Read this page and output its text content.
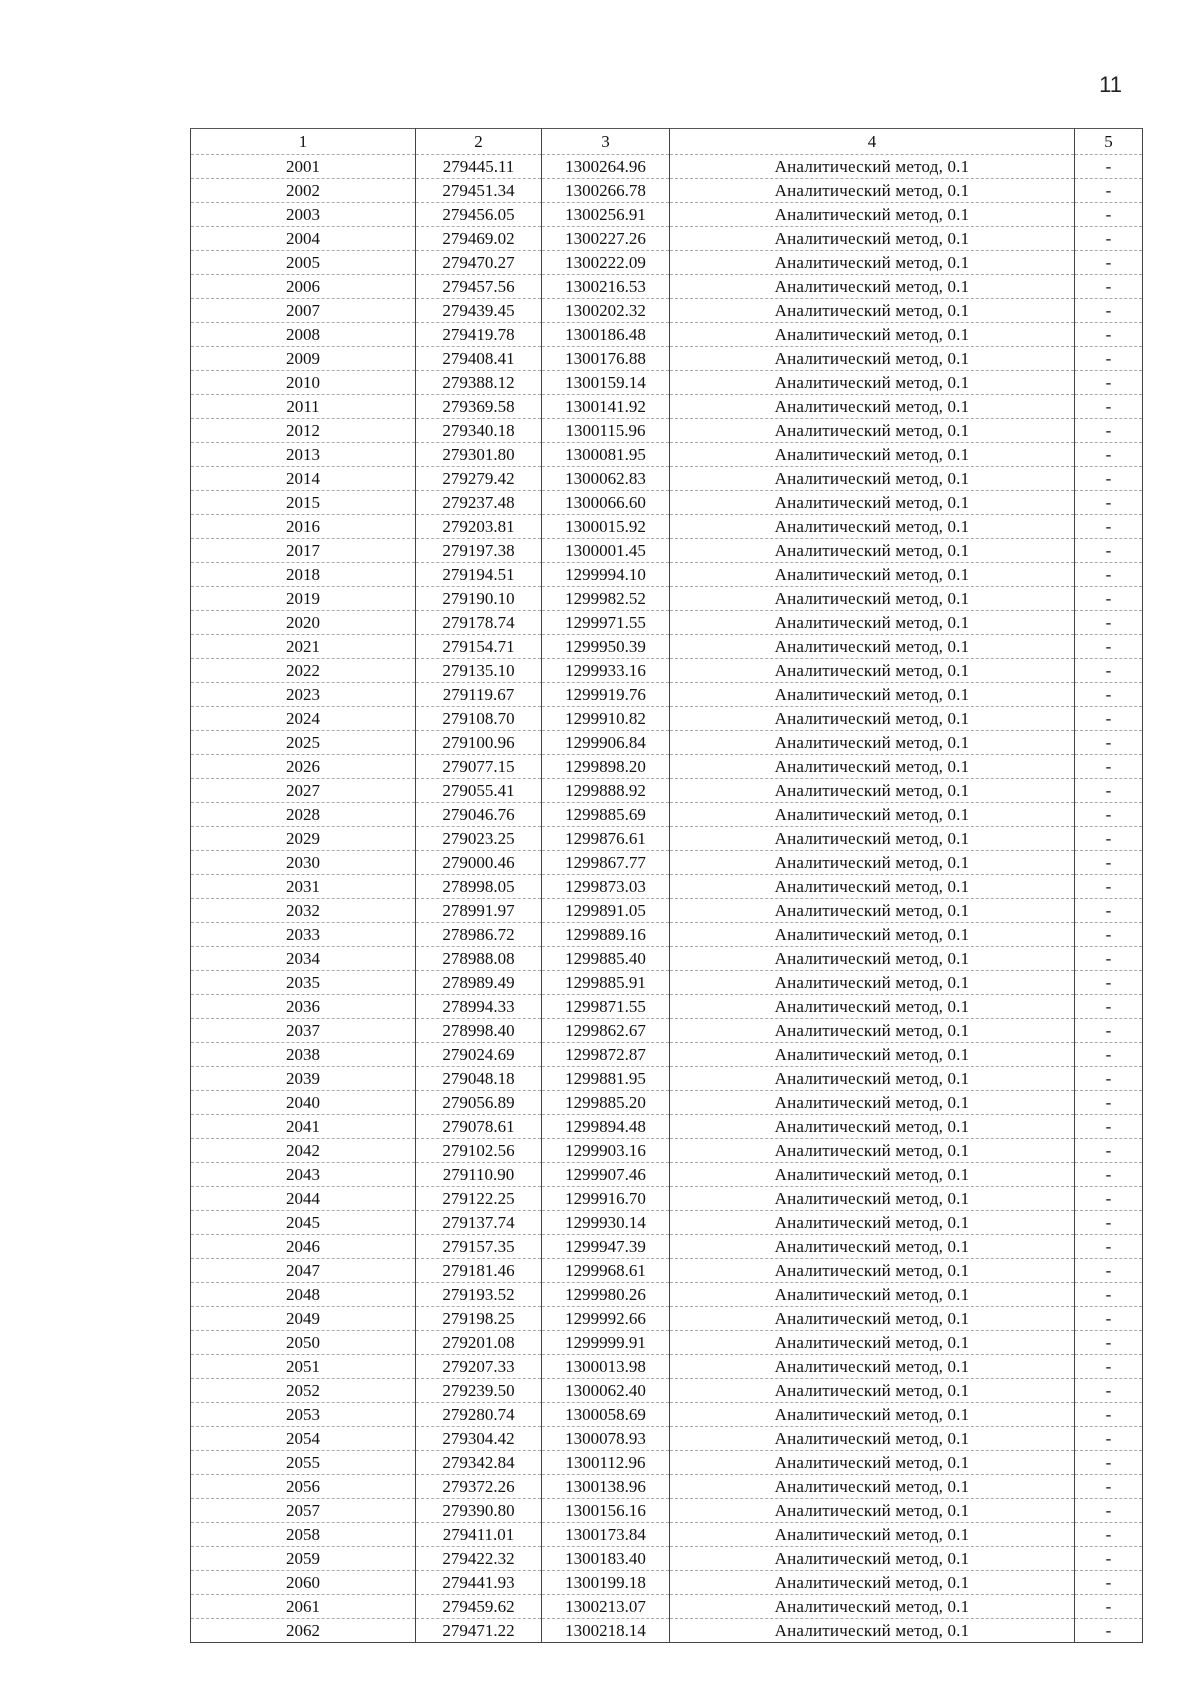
11
1	2	3	4	5
2001	279445.11	1300264.96	Аналитический метод, 0.1	-
2002	279451.34	1300266.78	Аналитический метод, 0.1	-
2003	279456.05	1300256.91	Аналитический метод, 0.1	-
2004	279469.02	1300227.26	Аналитический метод, 0.1	-
2005	279470.27	1300222.09	Аналитический метод, 0.1	-
2006	279457.56	1300216.53	Аналитический метод, 0.1	-
2007	279439.45	1300202.32	Аналитический метод, 0.1	-
2008	279419.78	1300186.48	Аналитический метод, 0.1	-
2009	279408.41	1300176.88	Аналитический метод, 0.1	-
2010	279388.12	1300159.14	Аналитический метод, 0.1	-
2011	279369.58	1300141.92	Аналитический метод, 0.1	-
2012	279340.18	1300115.96	Аналитический метод, 0.1	-
2013	279301.80	1300081.95	Аналитический метод, 0.1	-
2014	279279.42	1300062.83	Аналитический метод, 0.1	-
2015	279237.48	1300066.60	Аналитический метод, 0.1	-
2016	279203.81	1300015.92	Аналитический метод, 0.1	-
2017	279197.38	1300001.45	Аналитический метод, 0.1	-
2018	279194.51	1299994.10	Аналитический метод, 0.1	-
2019	279190.10	1299982.52	Аналитический метод, 0.1	-
2020	279178.74	1299971.55	Аналитический метод, 0.1	-
2021	279154.71	1299950.39	Аналитический метод, 0.1	-
2022	279135.10	1299933.16	Аналитический метод, 0.1	-
2023	279119.67	1299919.76	Аналитический метод, 0.1	-
2024	279108.70	1299910.82	Аналитический метод, 0.1	-
2025	279100.96	1299906.84	Аналитический метод, 0.1	-
2026	279077.15	1299898.20	Аналитический метод, 0.1	-
2027	279055.41	1299888.92	Аналитический метод, 0.1	-
2028	279046.76	1299885.69	Аналитический метод, 0.1	-
2029	279023.25	1299876.61	Аналитический метод, 0.1	-
2030	279000.46	1299867.77	Аналитический метод, 0.1	-
2031	278998.05	1299873.03	Аналитический метод, 0.1	-
2032	278991.97	1299891.05	Аналитический метод, 0.1	-
2033	278986.72	1299889.16	Аналитический метод, 0.1	-
2034	278988.08	1299885.40	Аналитический метод, 0.1	-
2035	278989.49	1299885.91	Аналитический метод, 0.1	-
2036	278994.33	1299871.55	Аналитический метод, 0.1	-
2037	278998.40	1299862.67	Аналитический метод, 0.1	-
2038	279024.69	1299872.87	Аналитический метод, 0.1	-
2039	279048.18	1299881.95	Аналитический метод, 0.1	-
2040	279056.89	1299885.20	Аналитический метод, 0.1	-
2041	279078.61	1299894.48	Аналитический метод, 0.1	-
2042	279102.56	1299903.16	Аналитический метод, 0.1	-
2043	279110.90	1299907.46	Аналитический метод, 0.1	-
2044	279122.25	1299916.70	Аналитический метод, 0.1	-
2045	279137.74	1299930.14	Аналитический метод, 0.1	-
2046	279157.35	1299947.39	Аналитический метод, 0.1	-
2047	279181.46	1299968.61	Аналитический метод, 0.1	-
2048	279193.52	1299980.26	Аналитический метод, 0.1	-
2049	279198.25	1299992.66	Аналитический метод, 0.1	-
2050	279201.08	1299999.91	Аналитический метод, 0.1	-
2051	279207.33	1300013.98	Аналитический метод, 0.1	-
2052	279239.50	1300062.40	Аналитический метод, 0.1	-
2053	279280.74	1300058.69	Аналитический метод, 0.1	-
2054	279304.42	1300078.93	Аналитический метод, 0.1	-
2055	279342.84	1300112.96	Аналитический метод, 0.1	-
2056	279372.26	1300138.96	Аналитический метод, 0.1	-
2057	279390.80	1300156.16	Аналитический метод, 0.1	-
2058	279411.01	1300173.84	Аналитический метод, 0.1	-
2059	279422.32	1300183.40	Аналитический метод, 0.1	-
2060	279441.93	1300199.18	Аналитический метод, 0.1	-
2061	279459.62	1300213.07	Аналитический метод, 0.1	-
2062	279471.22	1300218.14	Аналитический метод, 0.1	-
